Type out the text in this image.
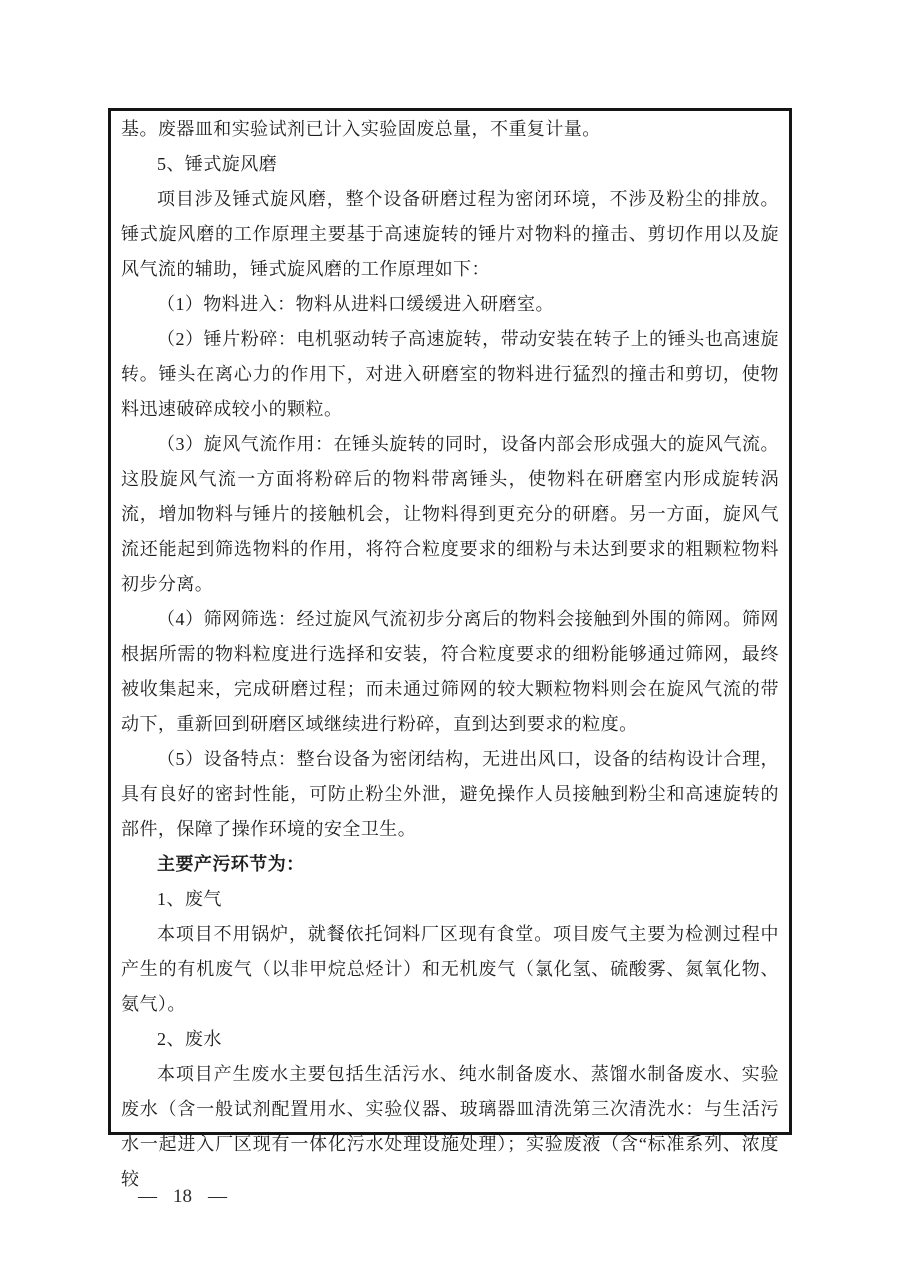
基。废器皿和实验试剂已计入实验固废总量，不重复计量。

5、锤式旋风磨

项目涉及锤式旋风磨，整个设备研磨过程为密闭环境，不涉及粉尘的排放。锤式旋风磨的工作原理主要基于高速旋转的锤片对物料的撞击、剪切作用以及旋风气流的辅助，锤式旋风磨的工作原理如下：

（1）物料进入：物料从进料口缓缓进入研磨室。

（2）锤片粉碎：电机驱动转子高速旋转，带动安装在转子上的锤头也高速旋转。锤头在离心力的作用下，对进入研磨室的物料进行猛烈的撞击和剪切，使物料迅速破碎成较小的颗粒。

（3）旋风气流作用：在锤头旋转的同时，设备内部会形成强大的旋风气流。这股旋风气流一方面将粉碎后的物料带离锤头，使物料在研磨室内形成旋转涡流，增加物料与锤片的接触机会，让物料得到更充分的研磨。另一方面，旋风气流还能起到筛选物料的作用，将符合粒度要求的细粉与未达到要求的粗颗粒物料初步分离。

（4）筛网筛选：经过旋风气流初步分离后的物料会接触到外围的筛网。筛网根据所需的物料粒度进行选择和安装，符合粒度要求的细粉能够通过筛网，最终被收集起来，完成研磨过程；而未通过筛网的较大颗粒物料则会在旋风气流的带动下，重新回到研磨区域继续进行粉碎，直到达到要求的粒度。

（5）设备特点：整台设备为密闭结构，无进出风口，设备的结构设计合理，具有良好的密封性能，可防止粉尘外泄，避免操作人员接触到粉尘和高速旋转的部件，保障了操作环境的安全卫生。

主要产污环节为：

1、废气

本项目不用锅炉，就餐依托饲料厂区现有食堂。项目废气主要为检测过程中产生的有机废气（以非甲烷总烃计）和无机废气（氯化氢、硫酸雾、氮氧化物、氨气）。

2、废水

本项目产生废水主要包括生活污水、纯水制备废水、蒸馏水制备废水、实验废水（含一般试剂配置用水、实验仪器、玻璃器皿清洗第三次清洗水：与生活污水一起进入厂区现有一体化污水处理设施处理）；实验废液（含“标准系列、浓度较

— 18 —
